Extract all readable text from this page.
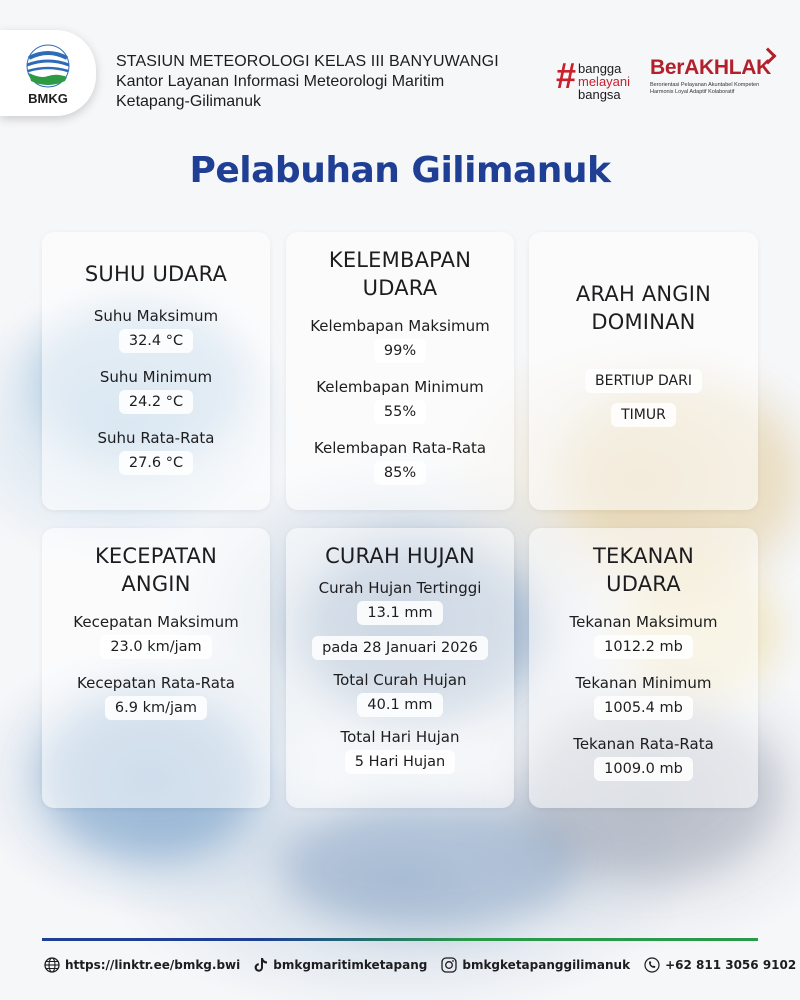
BMKG
STASIUN METEOROLOGI KELAS III BANYUWANGI
Kantor Layanan Informasi Meteorologi Maritim
Ketapang-Gilimanuk
# bangga
melayani
bangsa
BerAKHLAK
Berorientasi Pelayanan Akuntabel Kompeten Harmonis Loyal Adaptif Kolaboratif
Pelabuhan Gilimanuk
SUHU UDARA
Suhu Maksimum
32.4 °C
Suhu Minimum
24.2 °C
Suhu Rata-Rata
27.6 °C
KELEMBAPAN
UDARA
Kelembapan Maksimum
99%
Kelembapan Minimum
55%
Kelembapan Rata-Rata
85%
ARAH ANGIN
DOMINAN
BERTIUP DARI
TIMUR
KECEPATAN
ANGIN
Kecepatan Maksimum
23.0 km/jam
Kecepatan Rata-Rata
6.9 km/jam
CURAH HUJAN
Curah Hujan Tertinggi
13.1 mm
pada 28 Januari 2026
Total Curah Hujan
40.1 mm
Total Hari Hujan
5 Hari Hujan
TEKANAN
UDARA
Tekanan Maksimum
1012.2 mb
Tekanan Minimum
1005.4 mb
Tekanan Rata-Rata
1009.0 mb
https://linktr.ee/bmkg.bwi	bmkgmaritimketapang	bmkgketapanggilimanuk	+62 811 3056 9102
